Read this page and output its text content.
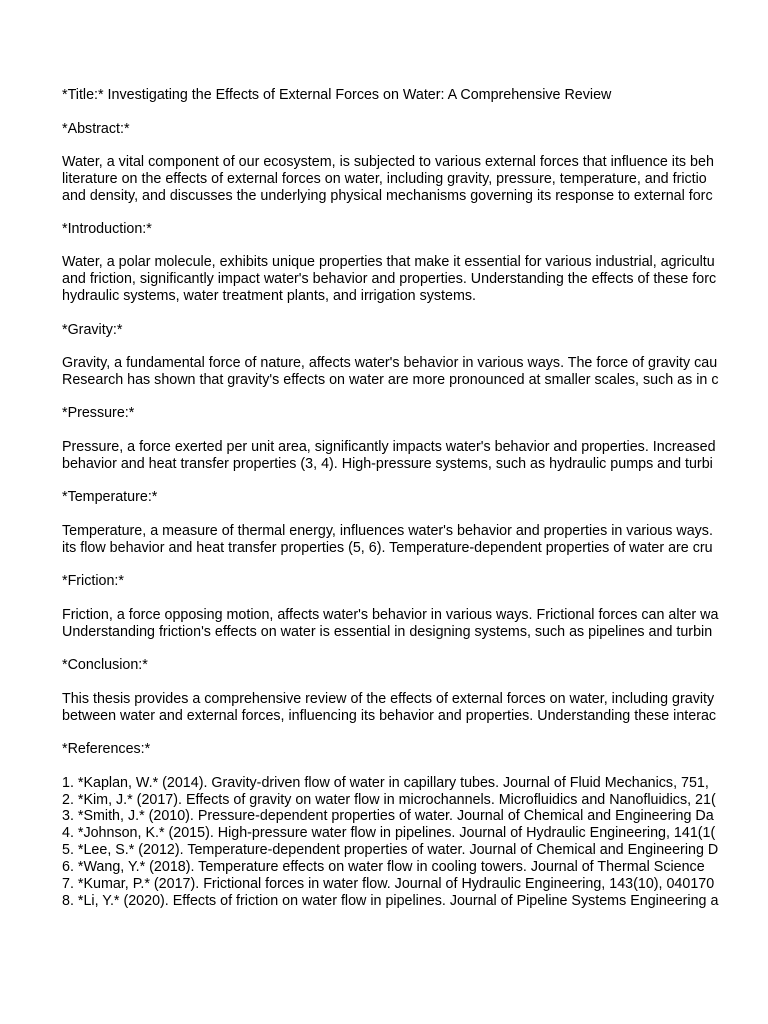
*Title:* Investigating the Effects of External Forces on Water: A Comprehensive Review
*Abstract:*
Water, a vital component of our ecosystem, is subjected to various external forces that influence its beh
literature on the effects of external forces on water, including gravity, pressure, temperature, and frictio
and density, and discusses the underlying physical mechanisms governing its response to external forc
*Introduction:*
Water, a polar molecule, exhibits unique properties that make it essential for various industrial, agricultu
and friction, significantly impact water's behavior and properties. Understanding the effects of these forc
hydraulic systems, water treatment plants, and irrigation systems.
*Gravity:*
Gravity, a fundamental force of nature, affects water's behavior in various ways. The force of gravity cau
Research has shown that gravity's effects on water are more pronounced at smaller scales, such as in c
*Pressure:*
Pressure, a force exerted per unit area, significantly impacts water's behavior and properties. Increased
behavior and heat transfer properties (3, 4). High-pressure systems, such as hydraulic pumps and turbi
*Temperature:*
Temperature, a measure of thermal energy, influences water's behavior and properties in various ways.
its flow behavior and heat transfer properties (5, 6). Temperature-dependent properties of water are cru
*Friction:*
Friction, a force opposing motion, affects water's behavior in various ways. Frictional forces can alter wa
Understanding friction's effects on water is essential in designing systems, such as pipelines and turbin
*Conclusion:*
This thesis provides a comprehensive review of the effects of external forces on water, including gravity
between water and external forces, influencing its behavior and properties. Understanding these interac
*References:*
1. *Kaplan, W.* (2014). Gravity-driven flow of water in capillary tubes. Journal of Fluid Mechanics, 751,
2. *Kim, J.* (2017). Effects of gravity on water flow in microchannels. Microfluidics and Nanofluidics, 21(
3. *Smith, J.* (2010). Pressure-dependent properties of water. Journal of Chemical and Engineering Da
4. *Johnson, K.* (2015). High-pressure water flow in pipelines. Journal of Hydraulic Engineering, 141(1(
5. *Lee, S.* (2012). Temperature-dependent properties of water. Journal of Chemical and Engineering D
6. *Wang, Y.* (2018). Temperature effects on water flow in cooling towers. Journal of Thermal Science
7. *Kumar, P.* (2017). Frictional forces in water flow. Journal of Hydraulic Engineering, 143(10), 040170
8. *Li, Y.* (2020). Effects of friction on water flow in pipelines. Journal of Pipeline Systems Engineering a
